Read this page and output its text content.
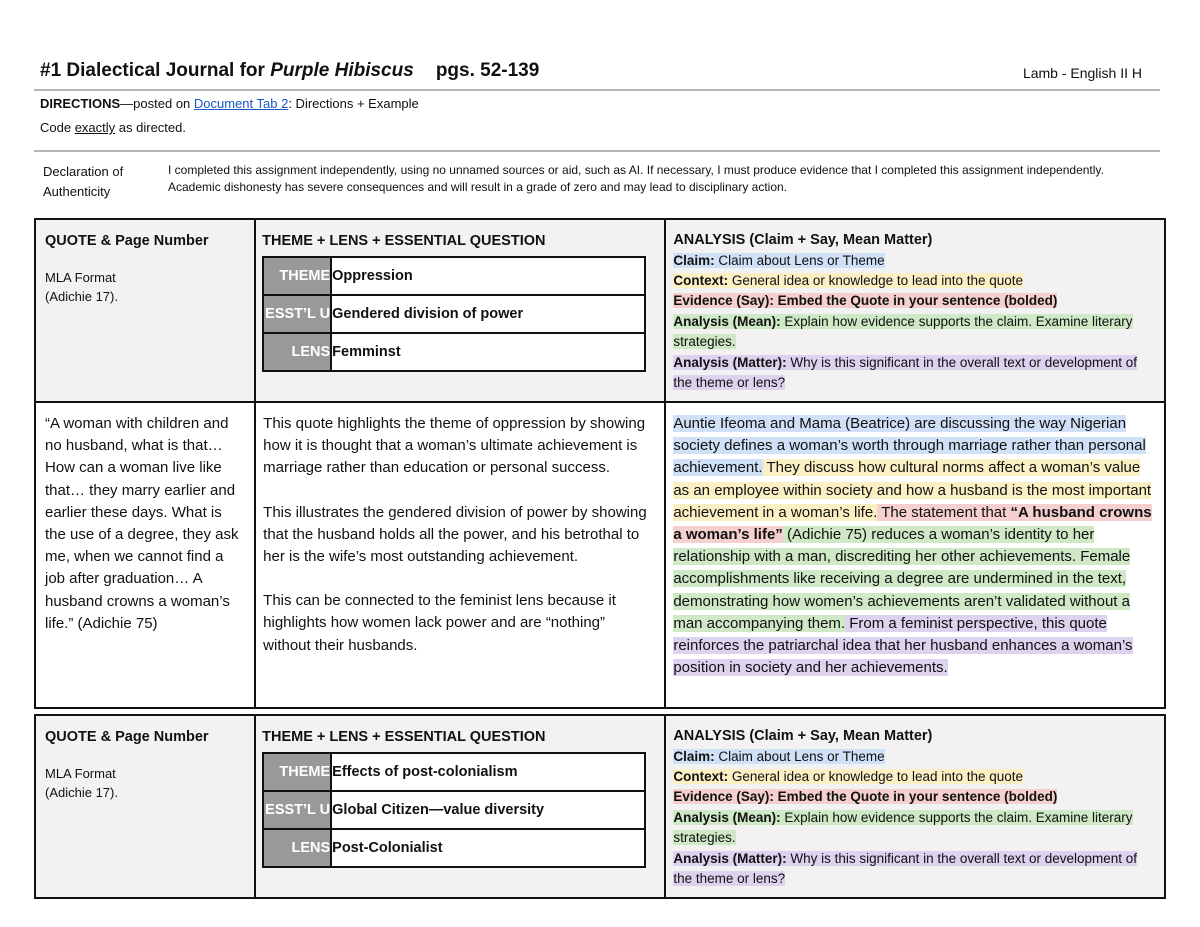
#1 Dialectical Journal for Purple Hibiscus pgs. 52-139	Lamb - English II H
DIRECTIONS—posted on Document Tab 2: Directions + Example
Code exactly as directed.
Declaration of Authenticity
I completed this assignment independently, using no unnamed sources or aid, such as AI. If necessary, I must produce evidence that I completed this assignment independently. Academic dishonesty has severe consequences and will result in a grade of zero and may lead to disciplinary action.
QUOTE & Page Number
MLA Format
(Adichie 17).

THEME + LENS + ESSENTIAL QUESTION
THEME	Oppression
ESST’L U	Gendered division of power
LENS	Femminst

ANALYSIS (Claim + Say, Mean Matter)
Claim: Claim about Lens or Theme
Context: General idea or knowledge to lead into the quote
Evidence (Say): Embed the Quote in your sentence (bolded)
Analysis (Mean): Explain how evidence supports the claim. Examine literary strategies.
Analysis (Matter): Why is this significant in the overall text or development of the theme or lens?

“A woman with children and no husband, what is that… How can a woman live like that… they marry earlier and earlier these days. What is the use of a degree, they ask me, when we cannot find a job after graduation… A husband crowns a woman’s life.” (Adichie 75)

This quote highlights the theme of oppression by showing how it is thought that a woman’s ultimate achievement is marriage rather than education or personal success.
This illustrates the gendered division of power by showing that the husband holds all the power, and his betrothal to her is the wife’s most outstanding achievement.
This can be connected to the feminist lens because it highlights how women lack power and are “nothing” without their husbands.

Auntie Ifeoma and Mama (Beatrice) are discussing the way Nigerian society defines a woman’s worth through marriage rather than personal achievement. They discuss how cultural norms affect a woman’s value as an employee within society and how a husband is the most important achievement in a woman’s life. The statement that “A husband crowns a woman’s life” (Adichie 75) reduces a woman’s identity to her relationship with a man, discrediting her other achievements. Female accomplishments like receiving a degree are undermined in the text, demonstrating how women’s achievements aren’t validated without a man accompanying them. From a feminist perspective, this quote reinforces the patriarchal idea that her husband enhances a woman’s position in society and her achievements.
QUOTE & Page Number
MLA Format
(Adichie 17).

THEME + LENS + ESSENTIAL QUESTION
THEME	Effects of post-colonialism
ESST’L U	Global Citizen—value diversity
LENS	Post-Colonialist

ANALYSIS (Claim + Say, Mean Matter)
Claim: Claim about Lens or Theme
Context: General idea or knowledge to lead into the quote
Evidence (Say): Embed the Quote in your sentence (bolded)
Analysis (Mean): Explain how evidence supports the claim. Examine literary strategies.
Analysis (Matter): Why is this significant in the overall text or development of the theme or lens?
